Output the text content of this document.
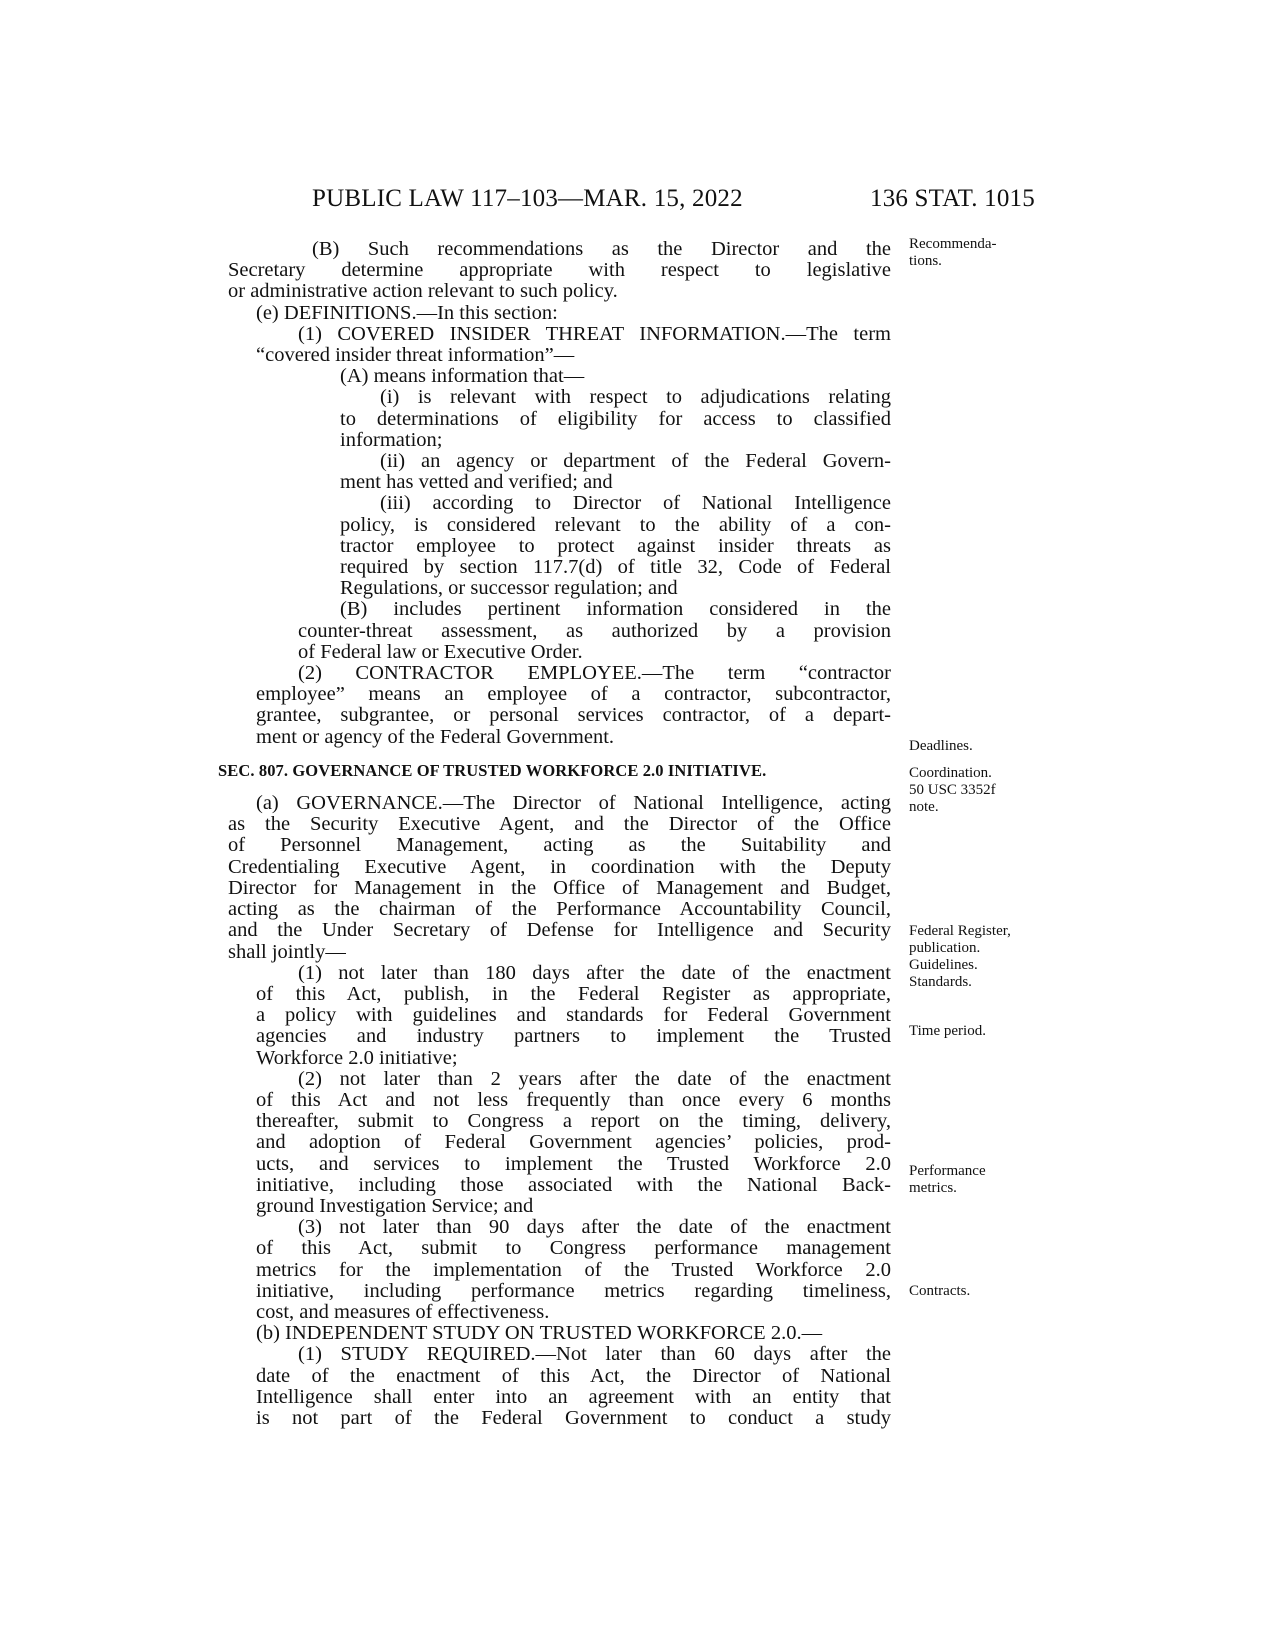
PUBLIC LAW 117–103—MAR. 15, 2022	136 STAT. 1015
(B) Such recommendations as the Director and the
Secretary determine appropriate with respect to legislative
or administrative action relevant to such policy.
(e) DEFINITIONS.—In this section:
(1) COVERED INSIDER THREAT INFORMATION.—The term
“covered insider threat information”—
(A) means information that—
(i) is relevant with respect to adjudications relating
to determinations of eligibility for access to classified
information;
(ii) an agency or department of the Federal Govern-
ment has vetted and verified; and
(iii) according to Director of National Intelligence
policy, is considered relevant to the ability of a con-
tractor employee to protect against insider threats as
required by section 117.7(d) of title 32, Code of Federal
Regulations, or successor regulation; and
(B) includes pertinent information considered in the
counter-threat assessment, as authorized by a provision
of Federal law or Executive Order.
(2) CONTRACTOR EMPLOYEE.—The term “contractor
employee” means an employee of a contractor, subcontractor,
grantee, subgrantee, or personal services contractor, of a depart-
ment or agency of the Federal Government.
SEC. 807. GOVERNANCE OF TRUSTED WORKFORCE 2.0 INITIATIVE.
(a) GOVERNANCE.—The Director of National Intelligence, acting
as the Security Executive Agent, and the Director of the Office
of Personnel Management, acting as the Suitability and
Credentialing Executive Agent, in coordination with the Deputy
Director for Management in the Office of Management and Budget,
acting as the chairman of the Performance Accountability Council,
and the Under Secretary of Defense for Intelligence and Security
shall jointly—
(1) not later than 180 days after the date of the enactment
of this Act, publish, in the Federal Register as appropriate,
a policy with guidelines and standards for Federal Government
agencies and industry partners to implement the Trusted
Workforce 2.0 initiative;
(2) not later than 2 years after the date of the enactment
of this Act and not less frequently than once every 6 months
thereafter, submit to Congress a report on the timing, delivery,
and adoption of Federal Government agencies’ policies, prod-
ucts, and services to implement the Trusted Workforce 2.0
initiative, including those associated with the National Back-
ground Investigation Service; and
(3) not later than 90 days after the date of the enactment
of this Act, submit to Congress performance management
metrics for the implementation of the Trusted Workforce 2.0
initiative, including performance metrics regarding timeliness,
cost, and measures of effectiveness.
(b) INDEPENDENT STUDY ON TRUSTED WORKFORCE 2.0.—
(1) STUDY REQUIRED.—Not later than 60 days after the
date of the enactment of this Act, the Director of National
Intelligence shall enter into an agreement with an entity that
is not part of the Federal Government to conduct a study
Recommenda-
tions.
Deadlines.
Coordination.
50 USC 3352f
note.
Federal Register,
publication.
Guidelines.
Standards.
Time period.
Performance
metrics.
Contracts.
